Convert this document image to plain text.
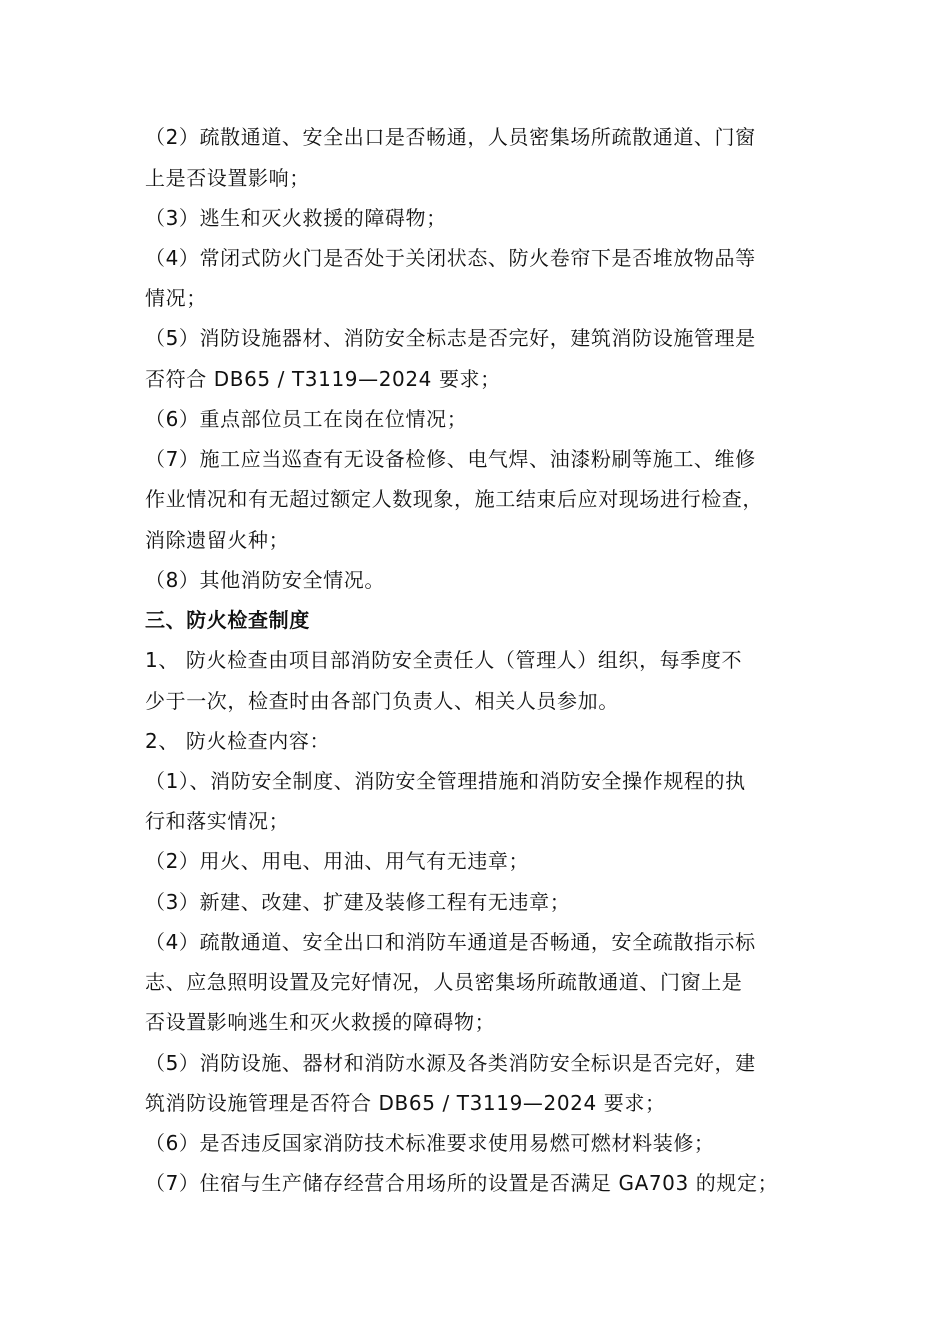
（2）疏散通道、安全出口是否畅通，人员密集场所疏散通道、门窗
上是否设置影响；
（3）逃生和灭火救援的障碍物；
（4）常闭式防火门是否处于关闭状态、防火卷帘下是否堆放物品等
情况；
（5）消防设施器材、消防安全标志是否完好，建筑消防设施管理是
否符合 DB65 / T3119—2024 要求；
（6）重点部位员工在岗在位情况；
（7）施工应当巡查有无设备检修、电气焊、油漆粉刷等施工、维修
作业情况和有无超过额定人数现象，施工结束后应对现场进行检查，
消除遗留火种；
（8）其他消防安全情况。
三、防火检查制度
1、 防火检查由项目部消防安全责任人（管理人）组织，每季度不
少于一次，检查时由各部门负责人、相关人员参加。
2、 防火检查内容：
（1）、消防安全制度、消防安全管理措施和消防安全操作规程的执
行和落实情况；
（2）用火、用电、用油、用气有无违章；
（3）新建、改建、扩建及装修工程有无违章；
（4）疏散通道、安全出口和消防车通道是否畅通，安全疏散指示标
志、应急照明设置及完好情况，人员密集场所疏散通道、门窗上是
否设置影响逃生和灭火救援的障碍物；
（5）消防设施、器材和消防水源及各类消防安全标识是否完好，建
筑消防设施管理是否符合 DB65 / T3119—2024 要求；
（6）是否违反国家消防技术标准要求使用易燃可燃材料装修；
（7）住宿与生产储存经营合用场所的设置是否满足 GA703 的规定；
